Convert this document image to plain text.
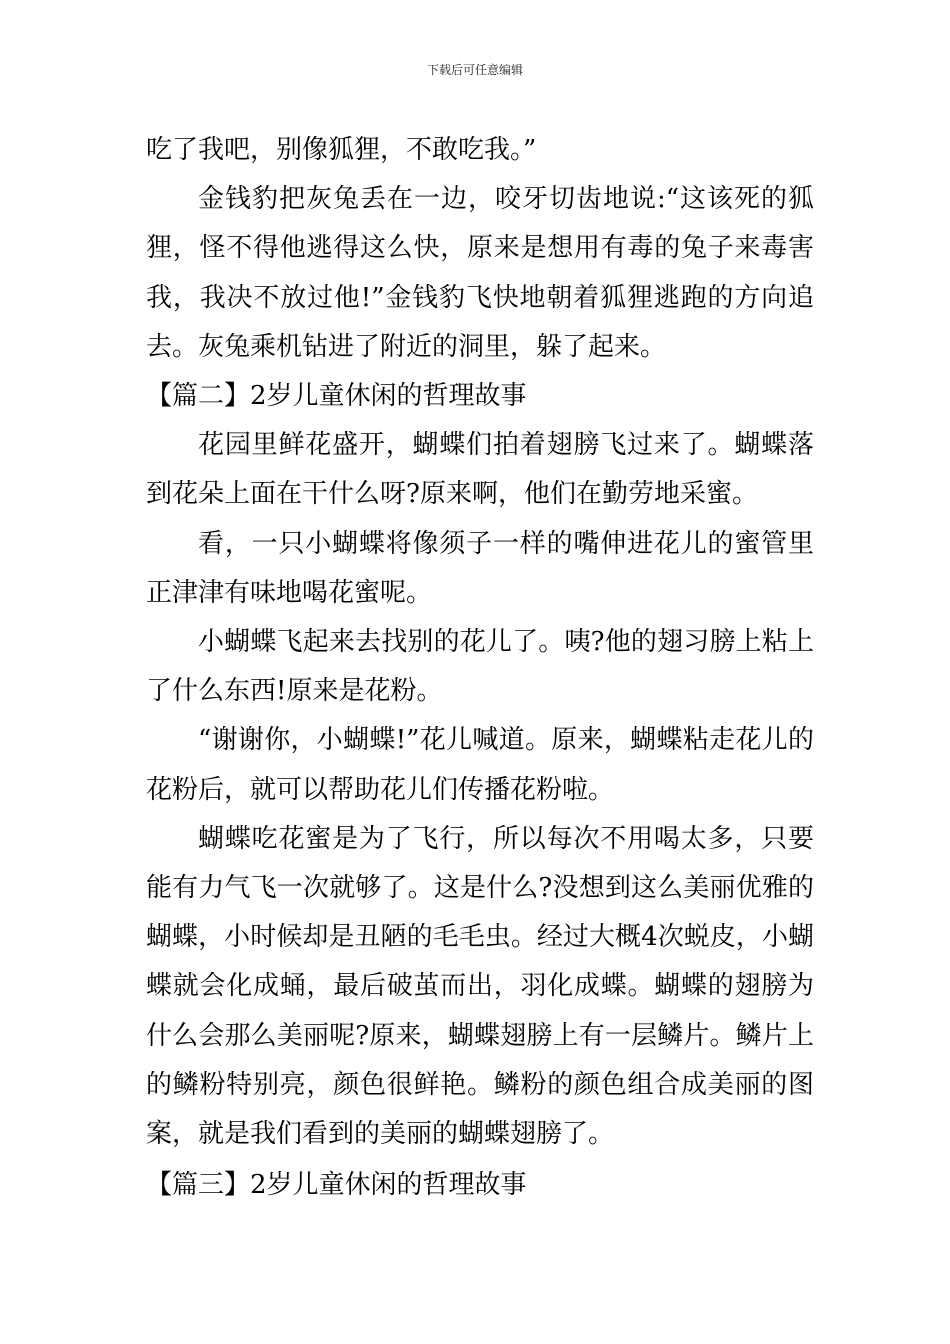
下载后可任意编辑

吃了我吧，别像狐狸，不敢吃我。”

金钱豹把灰兔丢在一边，咬牙切齿地说:“这该死的狐狸，怪不得他逃得这么快，原来是想用有毒的兔子来毒害我，我决不放过他!”金钱豹飞快地朝着狐狸逃跑的方向追去。灰兔乘机钻进了附近的洞里，躲了起来。

【篇二】2岁儿童休闲的哲理故事

花园里鲜花盛开，蝴蝶们拍着翅膀飞过来了。蝴蝶落到花朵上面在干什么呀?原来啊，他们在勤劳地采蜜。

看，一只小蝴蝶将像须子一样的嘴伸进花儿的蜜管里正津津有味地喝花蜜呢。

小蝴蝶飞起来去找别的花儿了。咦?他的翅习膀上粘上了什么东西!原来是花粉。

“谢谢你，小蝴蝶!”花儿喊道。原来，蝴蝶粘走花儿的花粉后，就可以帮助花儿们传播花粉啦。

蝴蝶吃花蜜是为了飞行，所以每次不用喝太多，只要能有力气飞一次就够了。这是什么?没想到这么美丽优雅的蝴蝶，小时候却是丑陋的毛毛虫。经过大概4次蜕皮，小蝴蝶就会化成蛹，最后破茧而出，羽化成蝶。蝴蝶的翅膀为什么会那么美丽呢?原来，蝴蝶翅膀上有一层鳞片。鳞片上的鳞粉特别亮，颜色很鲜艳。鳞粉的颜色组合成美丽的图案，就是我们看到的美丽的蝴蝶翅膀了。

【篇三】2岁儿童休闲的哲理故事
